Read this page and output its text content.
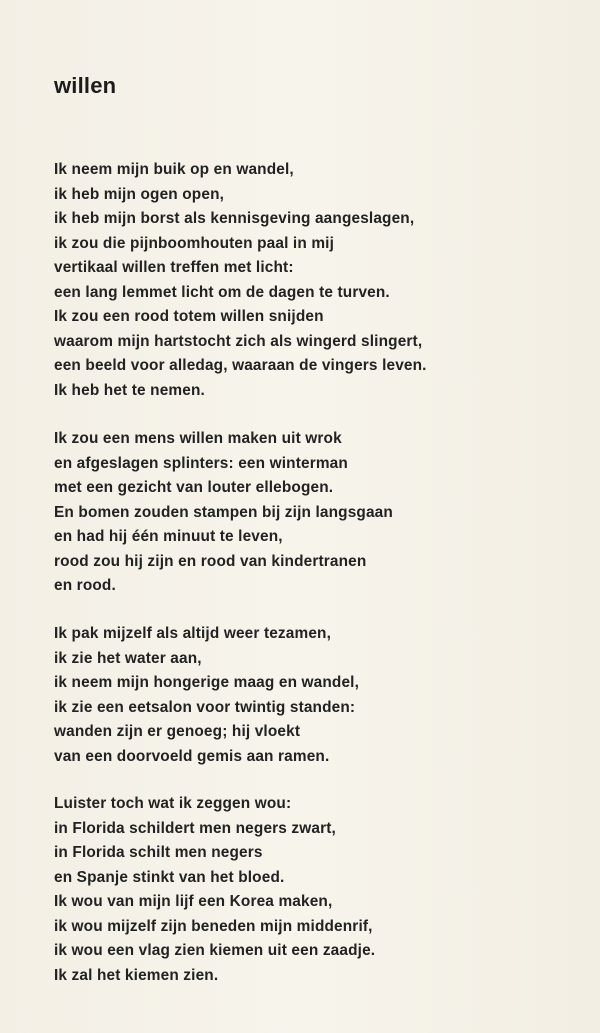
willen
Ik neem mijn buik op en wandel,
ik heb mijn ogen open,
ik heb mijn borst als kennisgeving aangeslagen,
ik zou die pijnboomhouten paal in mij
vertikaal willen treffen met licht:
een lang lemmet licht om de dagen te turven.
Ik zou een rood totem willen snijden
waarom mijn hartstocht zich als wingerd slingert,
een beeld voor alledag, waaraan de vingers leven.
Ik heb het te nemen.
Ik zou een mens willen maken uit wrok
en afgeslagen splinters: een winterman
met een gezicht van louter ellebogen.
En bomen zouden stampen bij zijn langsgaan
en had hij één minuut te leven,
rood zou hij zijn en rood van kindertranen
en rood.
Ik pak mijzelf als altijd weer tezamen,
ik zie het water aan,
ik neem mijn hongerige maag en wandel,
ik zie een eetsalon voor twintig standen:
wanden zijn er genoeg; hij vloekt
van een doorvoeld gemis aan ramen.
Luister toch wat ik zeggen wou:
in Florida schildert men negers zwart,
in Florida schilt men negers
en Spanje stinkt van het bloed.
Ik wou van mijn lijf een Korea maken,
ik wou mijzelf zijn beneden mijn middenrif,
ik wou een vlag zien kiemen uit een zaadje.
Ik zal het kiemen zien.
